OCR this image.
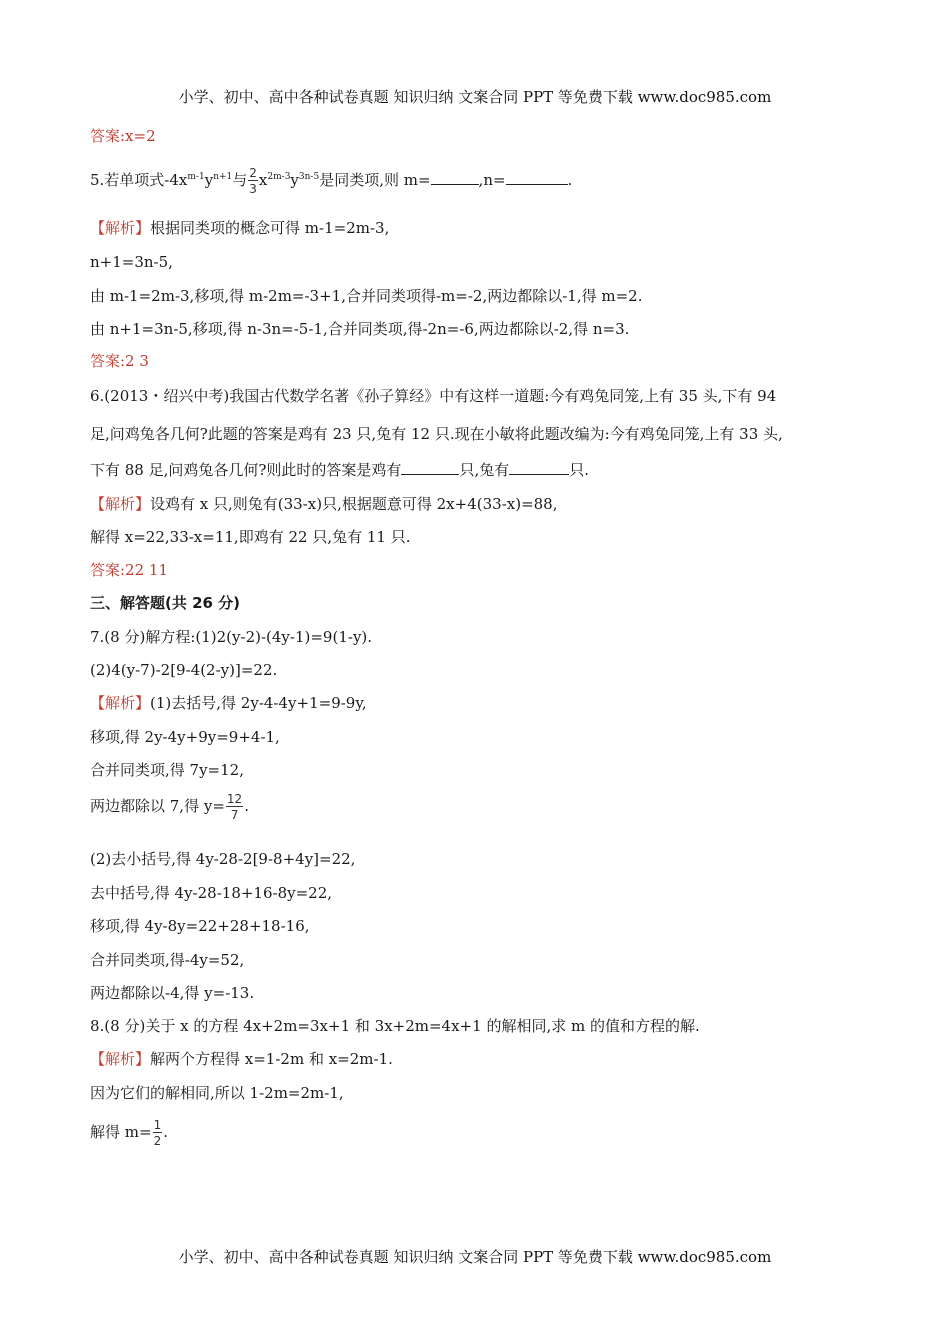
小学、初中、高中各种试卷真题 知识归纳 文案合同 PPT 等免费下载 www.doc985.com
答案:x=2
5.若单项式$-4x^{m-1}y^{n+1}$与 $\frac{2}{3} x^{2m-3}y^{3n-5}$是同类项,则 m=	,n=	.
【解析】根据同类项的概念可得 m-1=2m-3,
n+1=3n-5,
由 m-1=2m-3,移项,得 m-2m=-3+1,合并同类项得-m=-2,两边都除以-1,得 m=2.
由 n+1=3n-5,移项,得 n-3n=-5-1,合并同类项,得-2n=-6,两边都除以-2,得 n=3.
答案:2 3
6.(2013・绍兴中考)我国古代数学名著《孙子算经》中有这样一道题:今有鸡兔同笼,上有 35 头,下有 94
足,问鸡兔各几何?此题的答案是鸡有 23 只,兔有 12 只.现在小敏将此题改编为:今有鸡兔同笼,上有 33 头,
下有 88 足,问鸡兔各几何?则此时的答案是鸡有	只,兔有	只.
【解析】设鸡有 x 只,则兔有(33-x)只,根据题意可得 2x+4(33-x)=88,
解得 x=22,33-x=11,即鸡有 22 只,兔有 11 只.
答案:22 11
三、解答题(共 26 分)
7.(8 分)解方程:(1)2(y-2)-(4y-1)=9(1-y).
(2)4(y-7)-2[9-4(2-y)]=22.
【解析】(1)去括号,得 2y-4-4y+1=9-9y,
移项,得 2y-4y+9y=9+4-1,
合并同类项,得 7y=12,
两边都除以 7,得 $y= \frac{12}{7}$ .
(2)去小括号,得 4y-28-2[9-8+4y]=22,
去中括号,得 4y-28-18+16-8y=22,
移项,得 4y-8y=22+28+18-16,
合并同类项,得-4y=52,
两边都除以-4,得 y=-13.
8.(8 分)关于 x 的方程 4x+2m=3x+1 和 3x+2m=4x+1 的解相同,求 m 的值和方程的解.
【解析】解两个方程得 x=1-2m 和 x=2m-1.
因为它们的解相同,所以 1-2m=2m-1,
解得 $m= \frac{1}{2}$ .
小学、初中、高中各种试卷真题 知识归纳 文案合同 PPT 等免费下载 www.doc985.com
